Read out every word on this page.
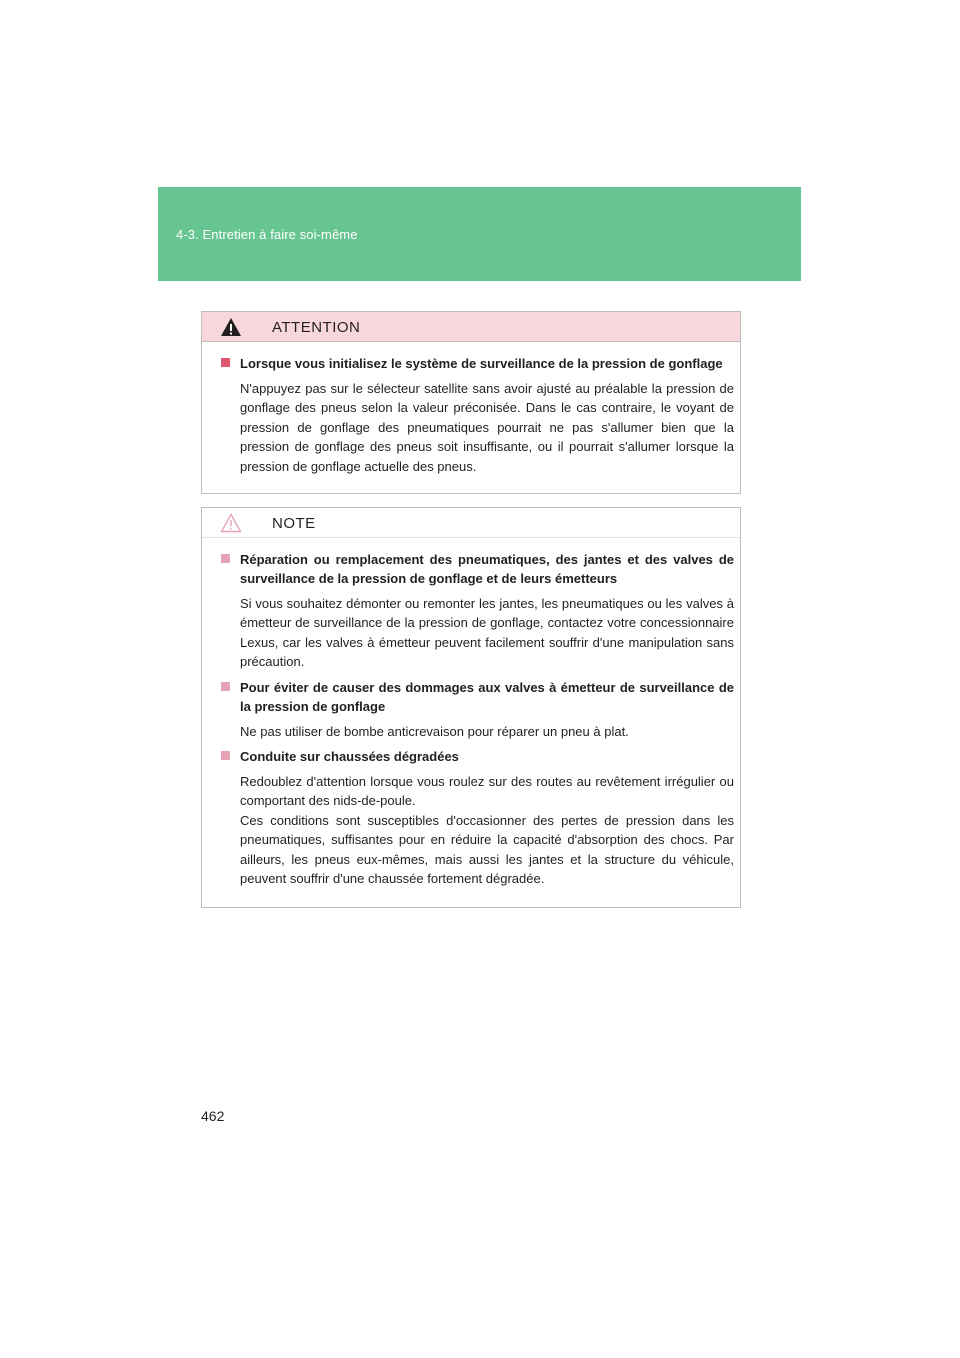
4-3. Entretien à faire soi-même
ATTENTION
Lorsque vous initialisez le système de surveillance de la pression de gonflage

N'appuyez pas sur le sélecteur satellite sans avoir ajusté au préalable la pression de gonflage des pneus selon la valeur préconisée. Dans le cas contraire, le voyant de pression de gonflage des pneumatiques pourrait ne pas s'allumer bien que la pression de gonflage des pneus soit insuffisante, ou il pourrait s'allumer lorsque la pression de gonflage actuelle des pneus.

NOTE
Réparation ou remplacement des pneumatiques, des jantes et des valves de surveillance de la pression de gonflage et de leurs émetteurs

Si vous souhaitez démonter ou remonter les jantes, les pneumatiques ou les valves à émetteur de surveillance de la pression de gonflage, contactez votre concessionnaire Lexus, car les valves à émetteur peuvent facilement souffrir d'une manipulation sans précaution.

Pour éviter de causer des dommages aux valves à émetteur de surveillance de la pression de gonflage

Ne pas utiliser de bombe anticrevaison pour réparer un pneu à plat.

Conduite sur chaussées dégradées

Redoublez d'attention lorsque vous roulez sur des routes au revêtement irrégulier ou comportant des nids-de-poule.

Ces conditions sont susceptibles d'occasionner des pertes de pression dans les pneumatiques, suffisantes pour en réduire la capacité d'absorption des chocs. Par ailleurs, les pneus eux-mêmes, mais aussi les jantes et la structure du véhicule, peuvent souffrir d'une chaussée fortement dégradée.

462
